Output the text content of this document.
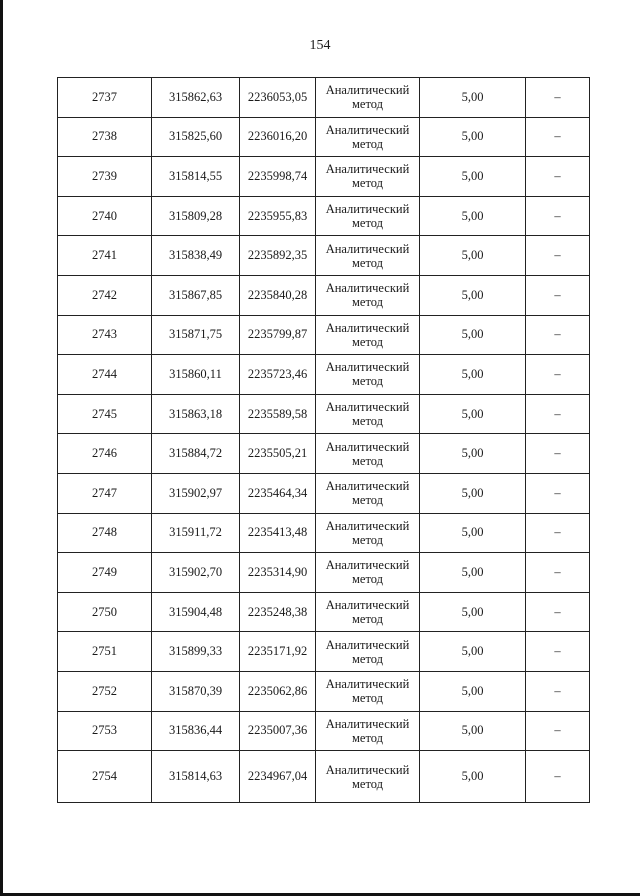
154
2737	315862,63	2236053,05	Аналитический метод	5,00	–
2738	315825,60	2236016,20	Аналитический метод	5,00	–
2739	315814,55	2235998,74	Аналитический метод	5,00	–
2740	315809,28	2235955,83	Аналитический метод	5,00	–
2741	315838,49	2235892,35	Аналитический метод	5,00	–
2742	315867,85	2235840,28	Аналитический метод	5,00	–
2743	315871,75	2235799,87	Аналитический метод	5,00	–
2744	315860,11	2235723,46	Аналитический метод	5,00	–
2745	315863,18	2235589,58	Аналитический метод	5,00	–
2746	315884,72	2235505,21	Аналитический метод	5,00	–
2747	315902,97	2235464,34	Аналитический метод	5,00	–
2748	315911,72	2235413,48	Аналитический метод	5,00	–
2749	315902,70	2235314,90	Аналитический метод	5,00	–
2750	315904,48	2235248,38	Аналитический метод	5,00	–
2751	315899,33	2235171,92	Аналитический метод	5,00	–
2752	315870,39	2235062,86	Аналитический метод	5,00	–
2753	315836,44	2235007,36	Аналитический метод	5,00	–
2754	315814,63	2234967,04	Аналитический метод	5,00	–
